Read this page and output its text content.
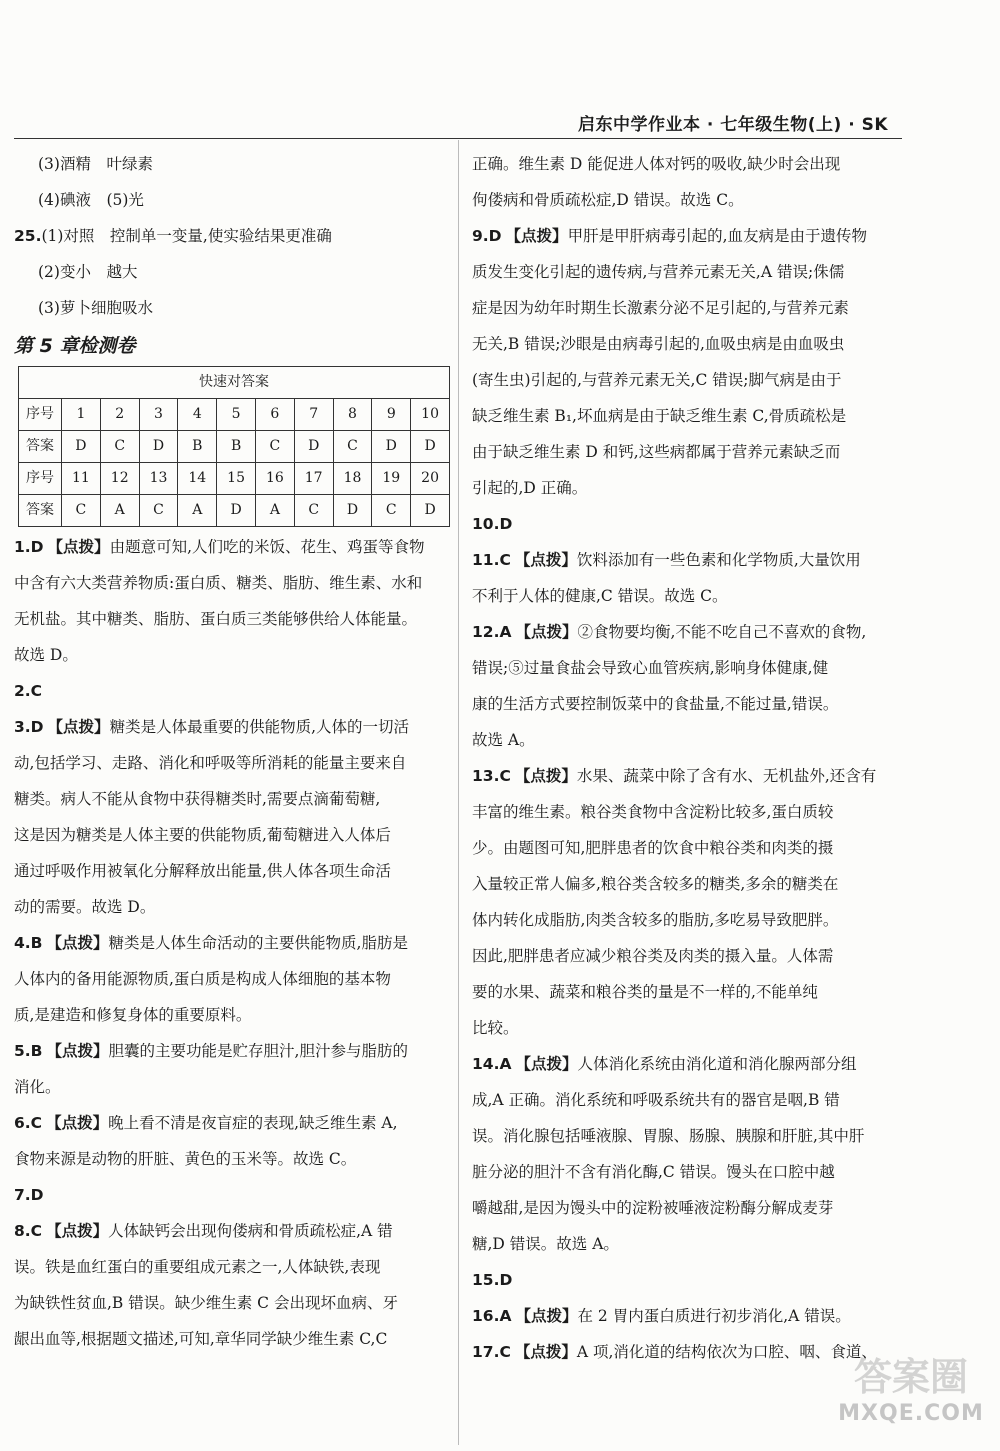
启东中学作业本 · 七年级生物(上) · SK
(3)酒精　叶绿素
(4)碘液　(5)光
25.(1)对照　控制单一变量,使实验结果更准确
(2)变小　越大
(3)萝卜细胞吸水
第 5 章检测卷
快速对答案										
序号	1	2	3	4	5	6	7	8	9	10
答案	D	C	D	B	B	C	D	C	D	D
序号	11	12	13	14	15	16	17	18	19	20
答案	C	A	C	A	D	A	C	D	C	D
1.D 【点拨】由题意可知,人们吃的米饭、花生、鸡蛋等食物
中含有六大类营养物质:蛋白质、糖类、脂肪、维生素、水和
无机盐。其中糖类、脂肪、蛋白质三类能够供给人体能量。
故选 D。
2.C
3.D 【点拨】糖类是人体最重要的供能物质,人体的一切活
动,包括学习、走路、消化和呼吸等所消耗的能量主要来自
糖类。病人不能从食物中获得糖类时,需要点滴葡萄糖,
这是因为糖类是人体主要的供能物质,葡萄糖进入人体后
通过呼吸作用被氧化分解释放出能量,供人体各项生命活
动的需要。故选 D。
4.B 【点拨】糖类是人体生命活动的主要供能物质,脂肪是
人体内的备用能源物质,蛋白质是构成人体细胞的基本物
质,是建造和修复身体的重要原料。
5.B 【点拨】胆囊的主要功能是贮存胆汁,胆汁参与脂肪的
消化。
6.C 【点拨】晚上看不清是夜盲症的表现,缺乏维生素 A,
食物来源是动物的肝脏、黄色的玉米等。故选 C。
7.D
8.C 【点拨】人体缺钙会出现佝偻病和骨质疏松症,A 错
误。铁是血红蛋白的重要组成元素之一,人体缺铁,表现
为缺铁性贫血,B 错误。缺少维生素 C 会出现坏血病、牙
龈出血等,根据题文描述,可知,章华同学缺少维生素 C,C
正确。维生素 D 能促进人体对钙的吸收,缺少时会出现
佝偻病和骨质疏松症,D 错误。故选 C。
9.D 【点拨】甲肝是甲肝病毒引起的,血友病是由于遗传物
质发生变化引起的遗传病,与营养元素无关,A 错误;侏儒
症是因为幼年时期生长激素分泌不足引起的,与营养元素
无关,B 错误;沙眼是由病毒引起的,血吸虫病是由血吸虫
(寄生虫)引起的,与营养元素无关,C 错误;脚气病是由于
缺乏维生素 B₁,坏血病是由于缺乏维生素 C,骨质疏松是
由于缺乏维生素 D 和钙,这些病都属于营养元素缺乏而
引起的,D 正确。
10.D
11.C 【点拨】饮料添加有一些色素和化学物质,大量饮用
不利于人体的健康,C 错误。故选 C。
12.A 【点拨】②食物要均衡,不能不吃自己不喜欢的食物,
错误;⑤过量食盐会导致心血管疾病,影响身体健康,健
康的生活方式要控制饭菜中的食盐量,不能过量,错误。
故选 A。
13.C 【点拨】水果、蔬菜中除了含有水、无机盐外,还含有
丰富的维生素。粮谷类食物中含淀粉比较多,蛋白质较
少。由题图可知,肥胖患者的饮食中粮谷类和肉类的摄
入量较正常人偏多,粮谷类含较多的糖类,多余的糖类在
体内转化成脂肪,肉类含较多的脂肪,多吃易导致肥胖。
因此,肥胖患者应减少粮谷类及肉类的摄入量。人体需
要的水果、蔬菜和粮谷类的量是不一样的,不能单纯
比较。
14.A 【点拨】人体消化系统由消化道和消化腺两部分组
成,A 正确。消化系统和呼吸系统共有的器官是咽,B 错
误。消化腺包括唾液腺、胃腺、肠腺、胰腺和肝脏,其中肝
脏分泌的胆汁不含有消化酶,C 错误。馒头在口腔中越
嚼越甜,是因为馒头中的淀粉被唾液淀粉酶分解成麦芽
糖,D 错误。故选 A。
15.D
16.A 【点拨】在 2 胃内蛋白质进行初步消化,A 错误。
17.C 【点拨】A 项,消化道的结构依次为口腔、咽、食道、
答案圈
MXQE.COM
